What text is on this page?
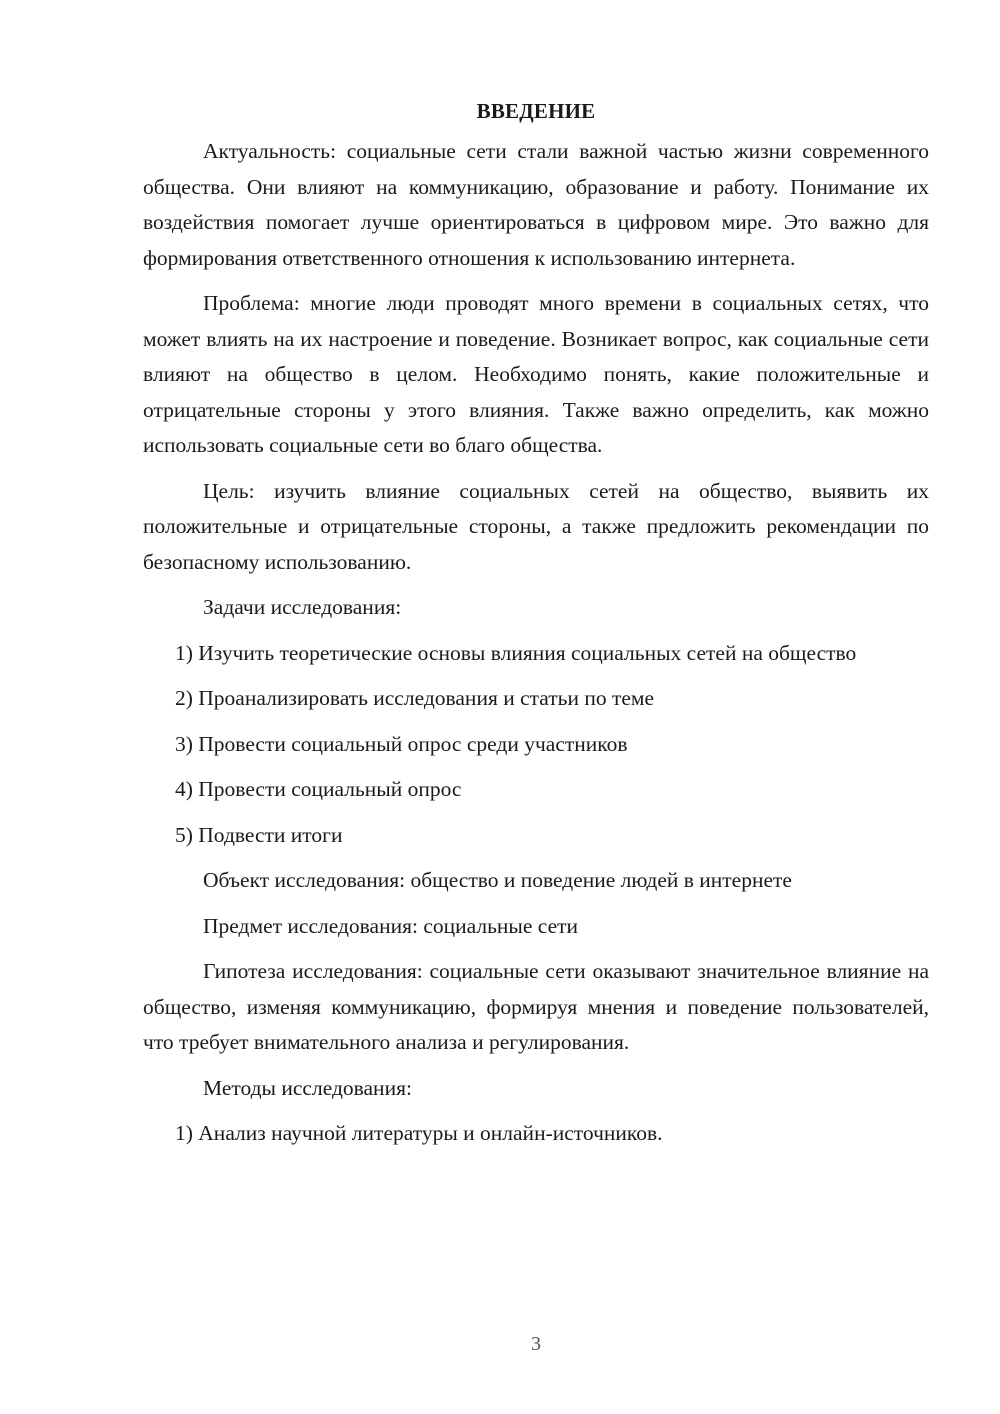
ВВЕДЕНИЕ

Актуальность: социальные сети стали важной частью жизни современного общества. Они влияют на коммуникацию, образование и работу. Понимание их воздействия помогает лучше ориентироваться в цифровом мире. Это важно для формирования ответственного отношения к использованию интернета.

Проблема: многие люди проводят много времени в социальных сетях, что может влиять на их настроение и поведение. Возникает вопрос, как социальные сети влияют на общество в целом. Необходимо понять, какие положительные и отрицательные стороны у этого влияния. Также важно определить, как можно использовать социальные сети во благо общества.

Цель: изучить влияние социальных сетей на общество, выявить их положительные и отрицательные стороны, а также предложить рекомендации по безопасному использованию.

Задачи исследования:

1) Изучить теоретические основы влияния социальных сетей на общество

2) Проанализировать исследования и статьи по теме

3) Провести социальный опрос среди участников

4) Провести социальный опрос

5) Подвести итоги

Объект исследования: общество и поведение людей в интернете

Предмет исследования: социальные сети

Гипотеза исследования: социальные сети оказывают значительное влияние на общество, изменяя коммуникацию, формируя мнения и поведение пользователей, что требует внимательного анализа и регулирования.

Методы исследования:

1) Анализ научной литературы и онлайн-источников.

3
